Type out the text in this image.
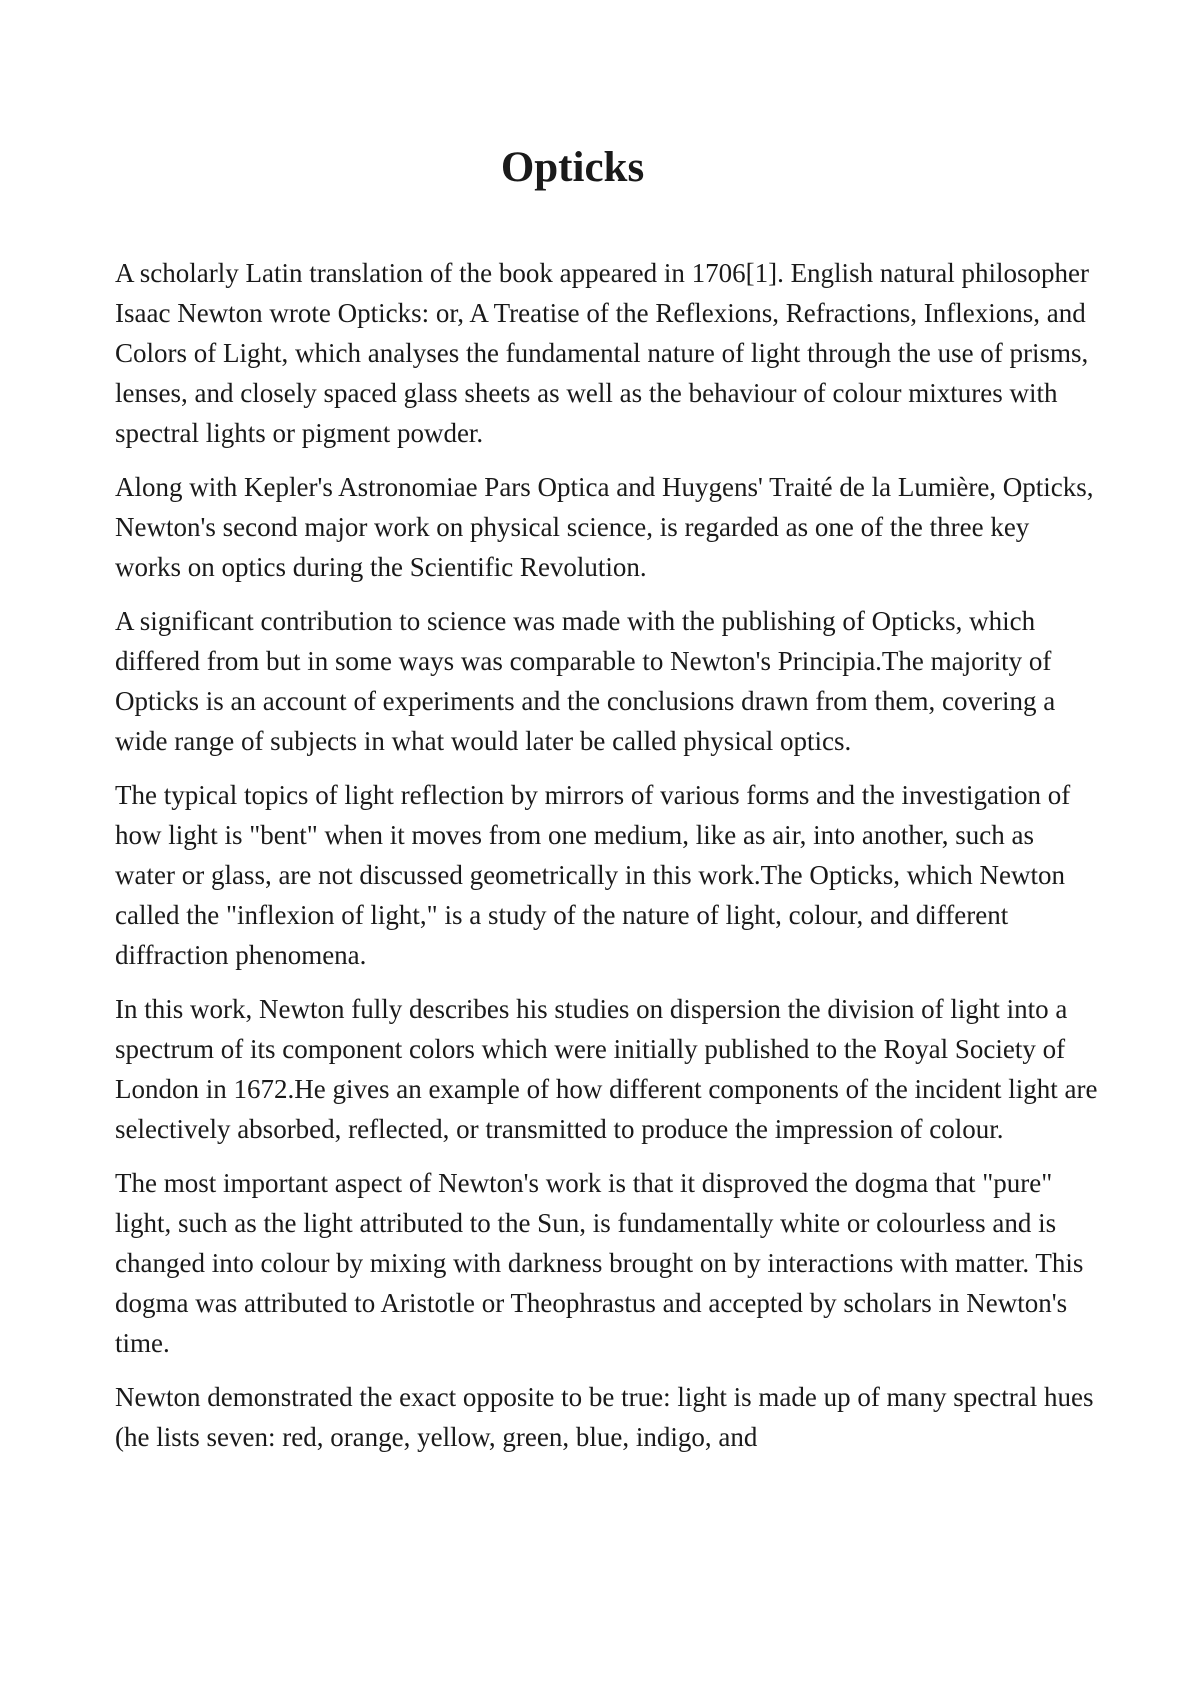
Opticks

A scholarly Latin translation of the book appeared in 1706[1]. English natural philosopher Isaac Newton wrote Opticks: or, A Treatise of the Reflexions, Refractions, Inflexions, and Colors of Light, which analyses the fundamental nature of light through the use of prisms, lenses, and closely spaced glass sheets as well as the behaviour of colour mixtures with spectral lights or pigment powder.

Along with Kepler's Astronomiae Pars Optica and Huygens' Traité de la Lumière, Opticks, Newton's second major work on physical science, is regarded as one of the three key works on optics during the Scientific Revolution.

A significant contribution to science was made with the publishing of Opticks, which differed from but in some ways was comparable to Newton's Principia.The majority of Opticks is an account of experiments and the conclusions drawn from them, covering a wide range of subjects in what would later be called physical optics.

The typical topics of light reflection by mirrors of various forms and the investigation of how light is "bent" when it moves from one medium, like as air, into another, such as water or glass, are not discussed geometrically in this work.The Opticks, which Newton called the "inflexion of light," is a study of the nature of light, colour, and different diffraction phenomena.

In this work, Newton fully describes his studies on dispersion the division of light into a spectrum of its component colors which were initially published to the Royal Society of London in 1672.He gives an example of how different components of the incident light are selectively absorbed, reflected, or transmitted to produce the impression of colour.

The most important aspect of Newton's work is that it disproved the dogma that "pure" light, such as the light attributed to the Sun, is fundamentally white or colourless and is changed into colour by mixing with darkness brought on by interactions with matter. This dogma was attributed to Aristotle or Theophrastus and accepted by scholars in Newton's time.

Newton demonstrated the exact opposite to be true: light is made up of many spectral hues (he lists seven: red, orange, yellow, green, blue, indigo, and
